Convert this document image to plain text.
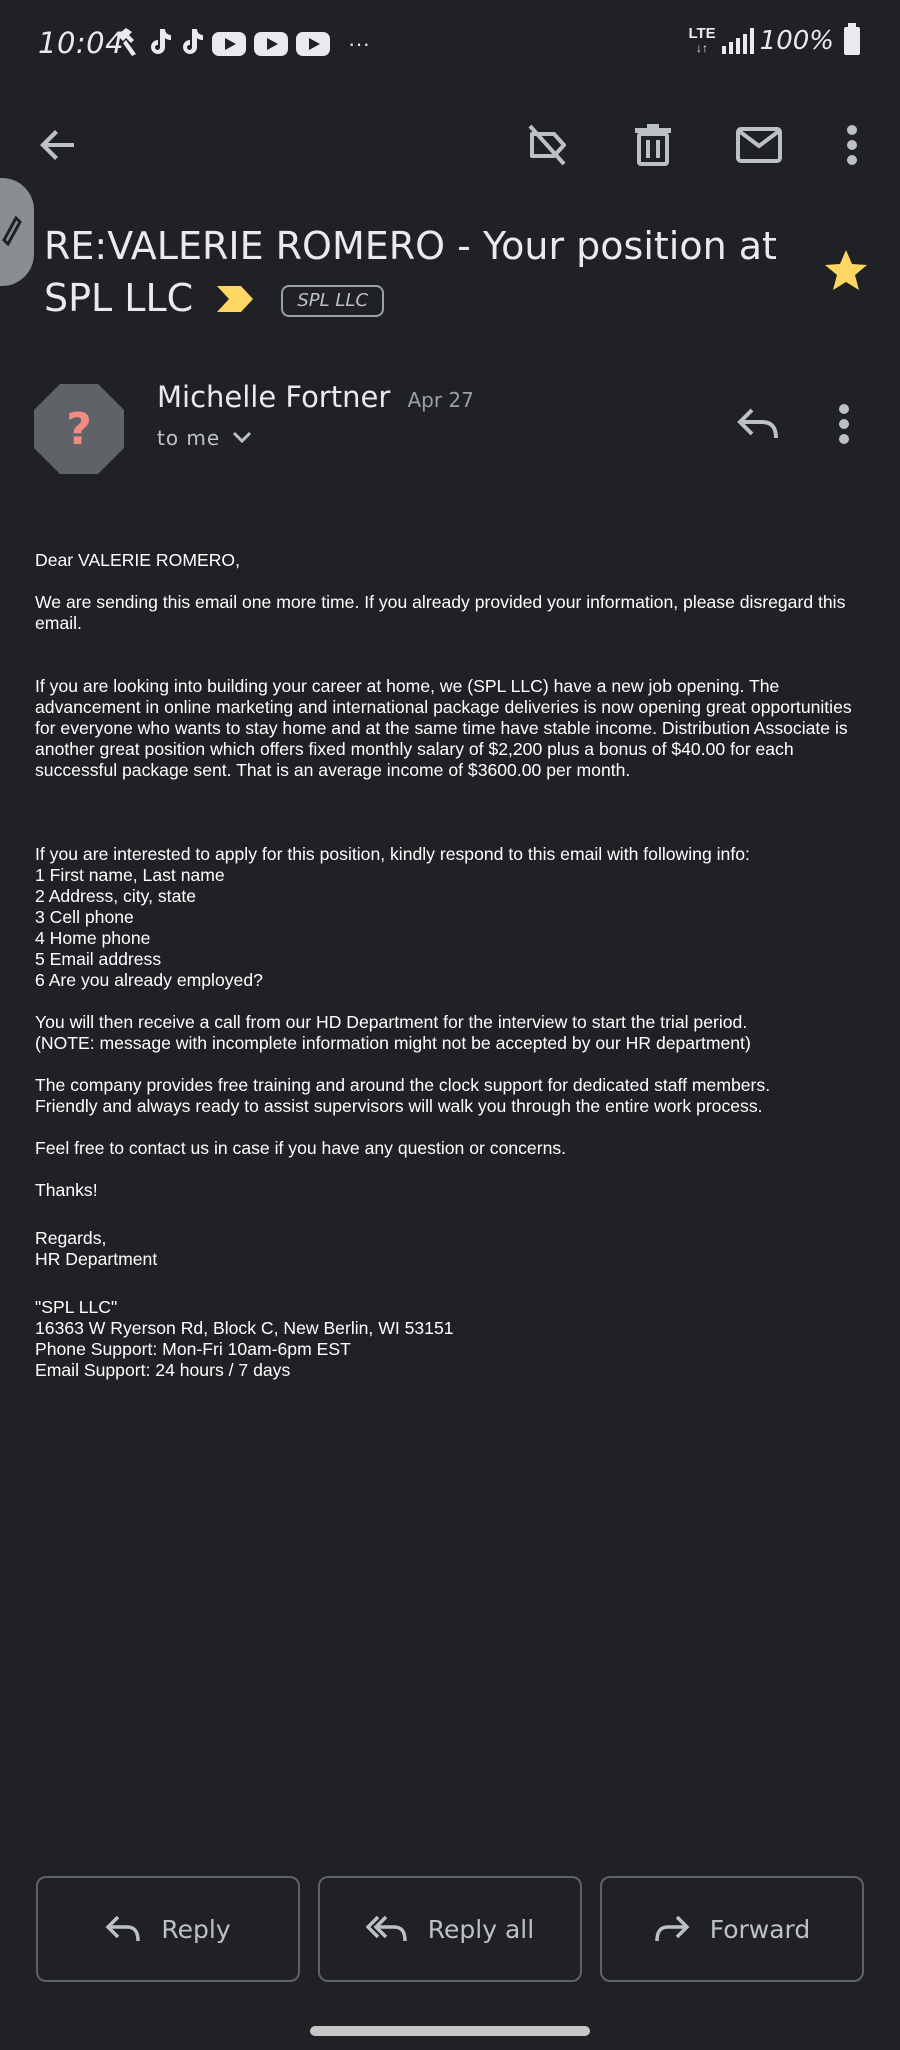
10:04	···	LTE
↓↑ 100%
RE:VALERIE ROMERO - Your position at SPL LLC	SPL LLC
?
Michelle Fortner Apr 27
to me

Dear VALERIE ROMERO,

We are sending this email one more time. If you already provided your information, please disregard this email.

If you are looking into building your career at home, we (SPL LLC) have a new job opening. The advancement in online marketing and international package deliveries is now opening great opportunities for everyone who wants to stay home and at the same time have stable income. Distribution Associate is another great position which offers fixed monthly salary of $2,200 plus a bonus of $40.00 for each successful package sent. That is an average income of $3600.00 per month.

If you are interested to apply for this position, kindly respond to this email with following info:

1 First name, Last name

2 Address, city, state

3 Cell phone

4 Home phone

5 Email address

6 Are you already employed?

You will then receive a call from our HD Department for the interview to start the trial period.

(NOTE: message with incomplete information might not be accepted by our HR department)

The company provides free training and around the clock support for dedicated staff members.

Friendly and always ready to assist supervisors will walk you through the entire work process.

Feel free to contact us in case if you have any question or concerns.

Thanks!

Regards,

HR Department

"SPL LLC"

16363 W Ryerson Rd, Block C, New Berlin, WI 53151

Phone Support: Mon-Fri 10am-6pm EST

Email Support: 24 hours / 7 days

Reply	Reply all	Forward
